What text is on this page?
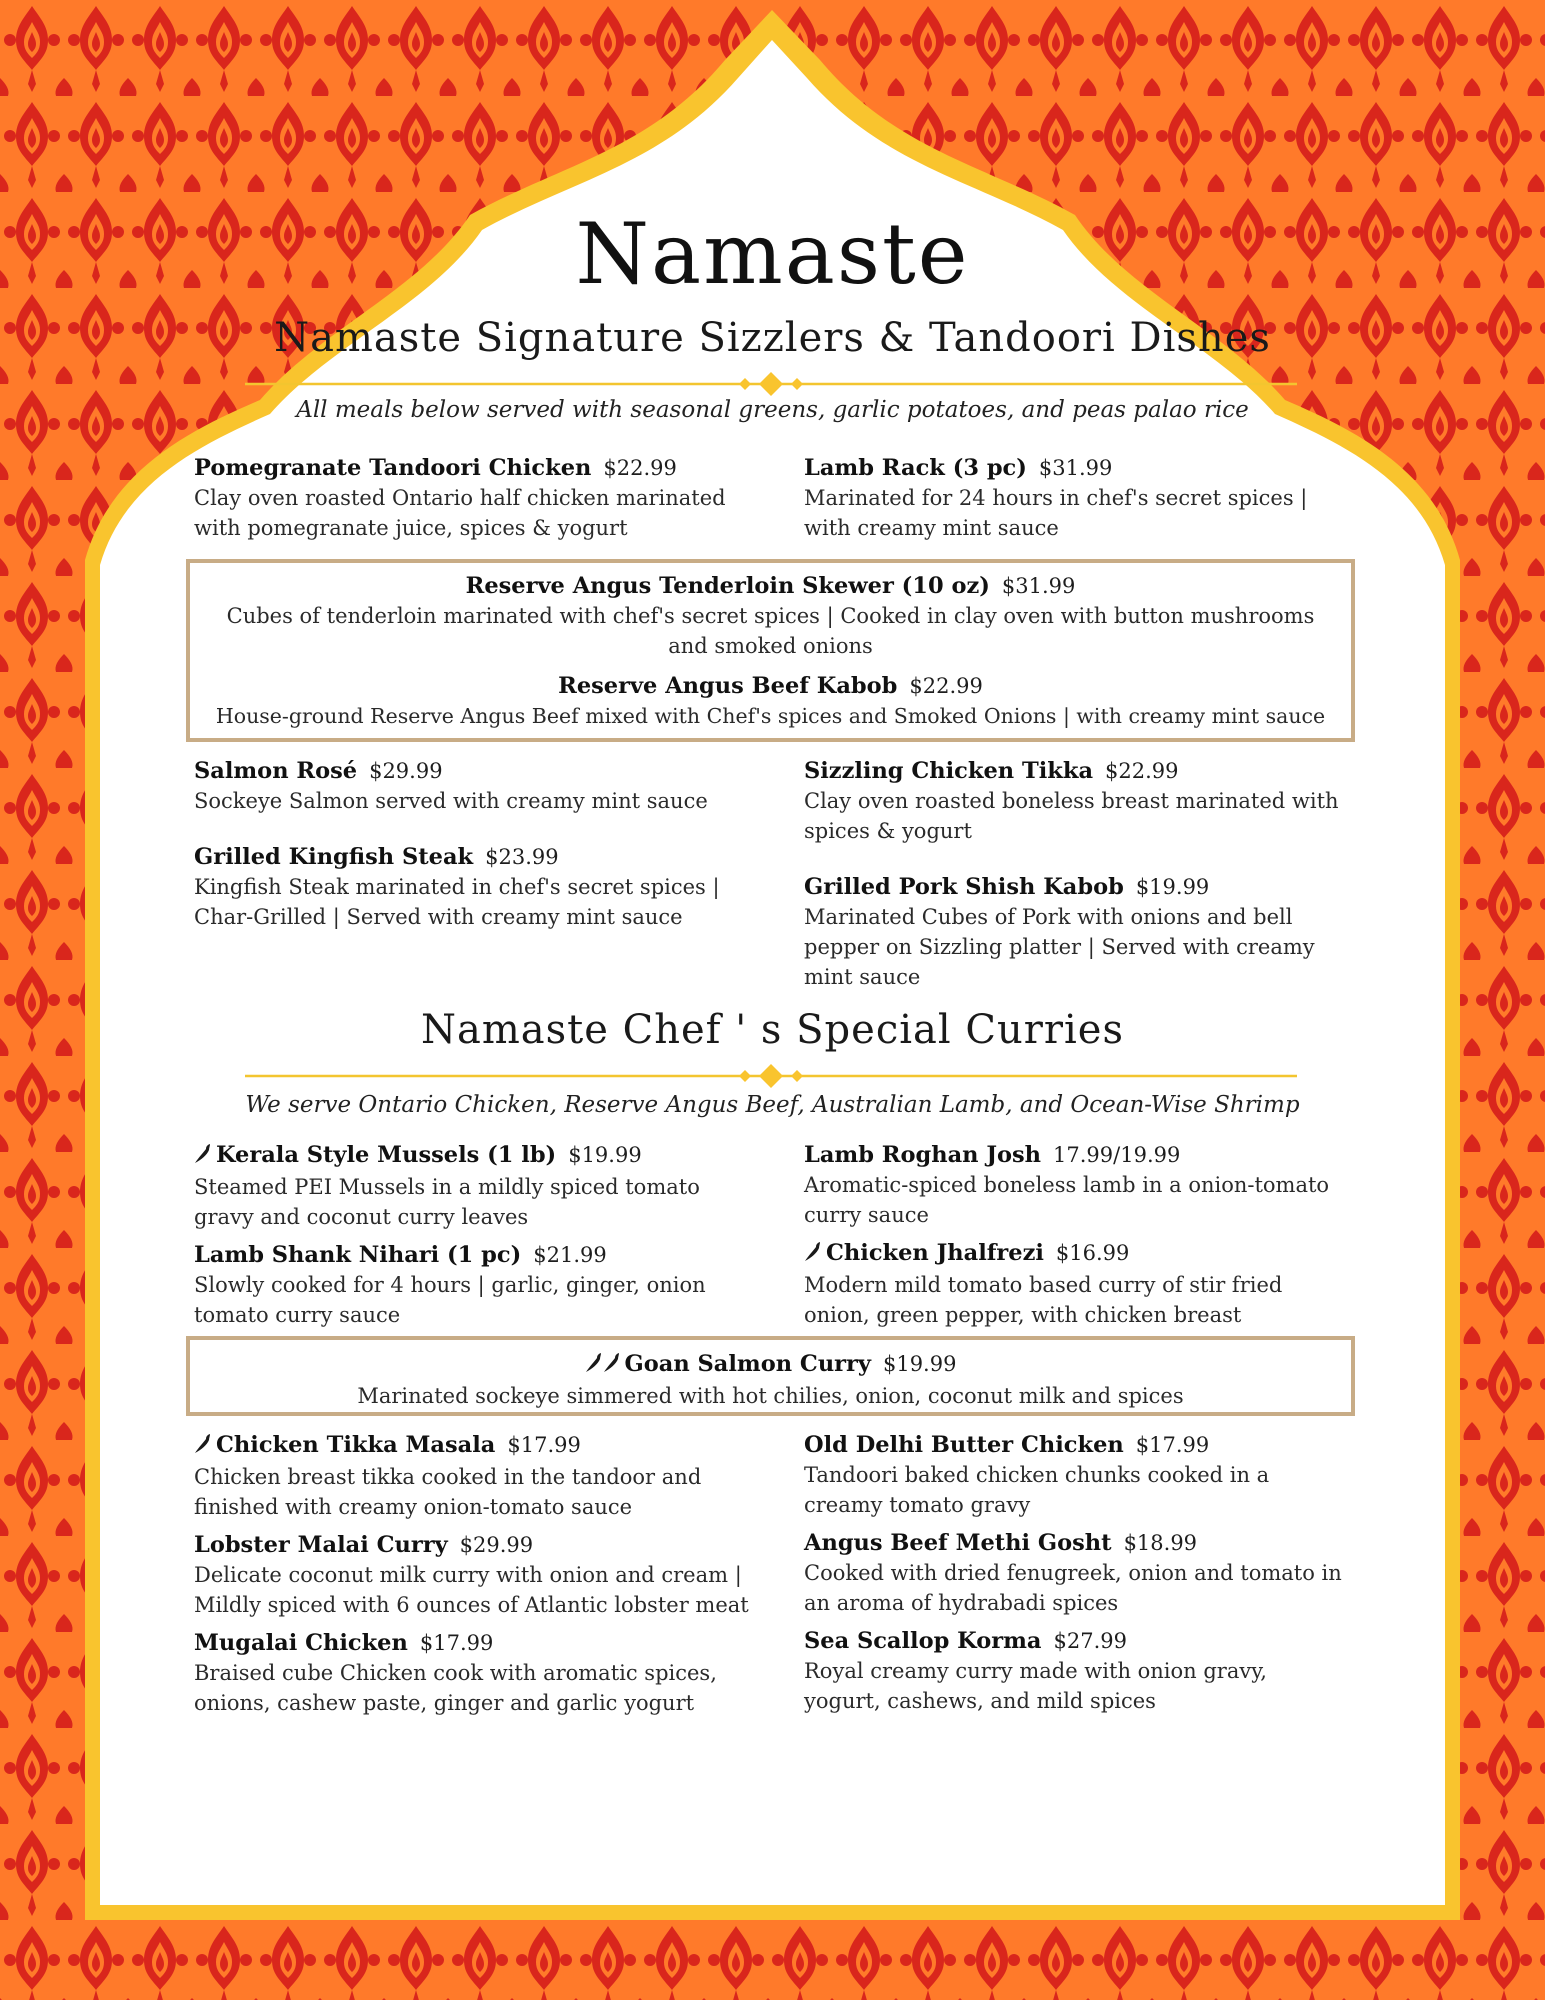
Namaste
Namaste Signature Sizzlers & Tandoori Dishes
All meals below served with seasonal greens, garlic potatoes, and peas palao rice
Pomegranate Tandoori Chicken $22.99
Clay oven roasted Ontario half chicken marinated with pomegranate juice, spices & yogurt
Lamb Rack (3 pc) $31.99
Marinated for 24 hours in chef's secret spices | with creamy mint sauce
Reserve Angus Tenderloin Skewer (10 oz) $31.99
Cubes of tenderloin marinated with chef's secret spices | Cooked in clay oven with button mushrooms and smoked onions
Reserve Angus Beef Kabob $22.99
House-ground Reserve Angus Beef mixed with Chef's spices and Smoked Onions | with creamy mint sauce
Salmon Rosé $29.99
Sockeye Salmon served with creamy mint sauce
Grilled Kingfish Steak $23.99
Kingfish Steak marinated in chef's secret spices | Char-Grilled | Served with creamy mint sauce
Sizzling Chicken Tikka $22.99
Clay oven roasted boneless breast marinated with spices & yogurt
Grilled Pork Shish Kabob $19.99
Marinated Cubes of Pork with onions and bell pepper on Sizzling platter | Served with creamy mint sauce
Namaste Chef ' s Special Curries
We serve Ontario Chicken, Reserve Angus Beef, Australian Lamb, and Ocean-Wise Shrimp
Kerala Style Mussels (1 lb) $19.99
Steamed PEI Mussels in a mildly spiced tomato gravy and coconut curry leaves
Lamb Shank Nihari (1 pc) $21.99
Slowly cooked for 4 hours | garlic, ginger, onion tomato curry sauce
Lamb Roghan Josh 17.99/19.99
Aromatic-spiced boneless lamb in a onion-tomato curry sauce
Chicken Jhalfrezi $16.99
Modern mild tomato based curry of stir fried onion, green pepper, with chicken breast
Goan Salmon Curry $19.99
Marinated sockeye simmered with hot chilies, onion, coconut milk and spices
Chicken Tikka Masala $17.99
Chicken breast tikka cooked in the tandoor and finished with creamy onion-tomato sauce
Lobster Malai Curry $29.99
Delicate coconut milk curry with onion and cream | Mildly spiced with 6 ounces of Atlantic lobster meat
Mugalai Chicken $17.99
Braised cube Chicken cook with aromatic spices, onions, cashew paste, ginger and garlic yogurt
Old Delhi Butter Chicken $17.99
Tandoori baked chicken chunks cooked in a creamy tomato gravy
Angus Beef Methi Gosht $18.99
Cooked with dried fenugreek, onion and tomato in an aroma of hydrabadi spices
Sea Scallop Korma $27.99
Royal creamy curry made with onion gravy, yogurt, cashews, and mild spices
